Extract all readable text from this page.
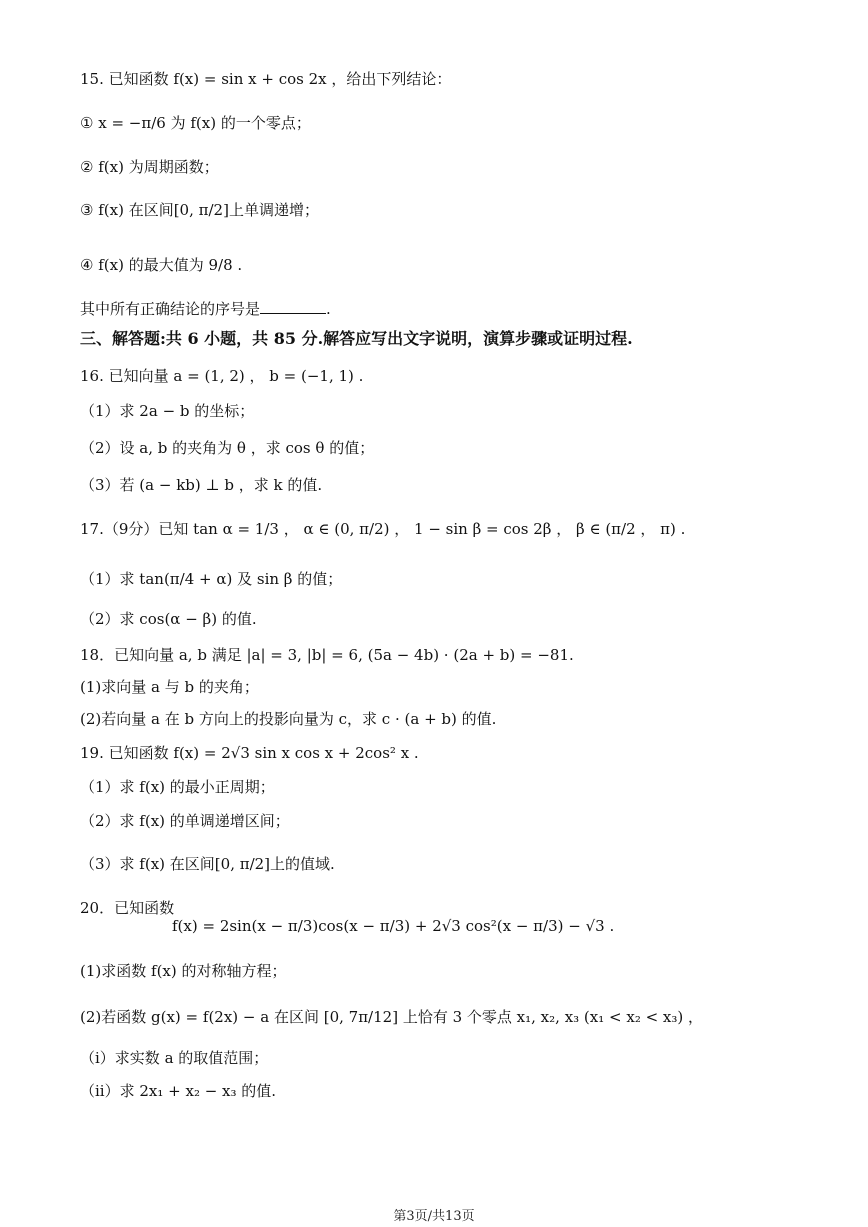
15. 已知函数 f(x) = sin x + cos 2x ，给出下列结论：
① x = −π/6 为 f(x) 的一个零点；
② f(x) 为周期函数；
③ f(x) 在区间[0, π/2]上单调递增；
④ f(x) 的最大值为 9/8 .
其中所有正确结论的序号是	.
三、解答题:共 6 小题，共 85 分.解答应写出文字说明，演算步骤或证明过程.
16. 已知向量 a = (1, 2) ， b = (−1, 1) .
（1）求 2a − b 的坐标；
（2）设 a, b 的夹角为 θ ，求 cos θ 的值；
（3）若 (a − kb) ⊥ b ，求 k 的值.
17.（9分）已知 tan α = 1/3 ， α ∈ (0, π/2) ， 1 − sin β = cos 2β ， β ∈ (π/2 ， π) .
（1）求 tan(π/4 + α) 及 sin β 的值；
（2）求 cos(α − β) 的值.
18．已知向量 a, b 满足 |a| = 3, |b| = 6, (5a − 4b) · (2a + b) = −81.
(1)求向量 a 与 b 的夹角；
(2)若向量 a 在 b 方向上的投影向量为 c，求 c · (a + b) 的值.
19. 已知函数 f(x) = 2√3 sin x cos x + 2cos² x .
（1）求 f(x) 的最小正周期；
（2）求 f(x) 的单调递增区间；
（3）求 f(x) 在区间[0, π/2]上的值域.
20．已知函数
f(x) = 2sin(x − π/3)cos(x − π/3) + 2√3 cos²(x − π/3) − √3 .
(1)求函数 f(x) 的对称轴方程；
(2)若函数 g(x) = f(2x) − a 在区间 [0, 7π/12] 上恰有 3 个零点 x₁, x₂, x₃ (x₁ < x₂ < x₃) ，
（i）求实数 a 的取值范围；
（ii）求 2x₁ + x₂ − x₃ 的值.
第3页/共13页
